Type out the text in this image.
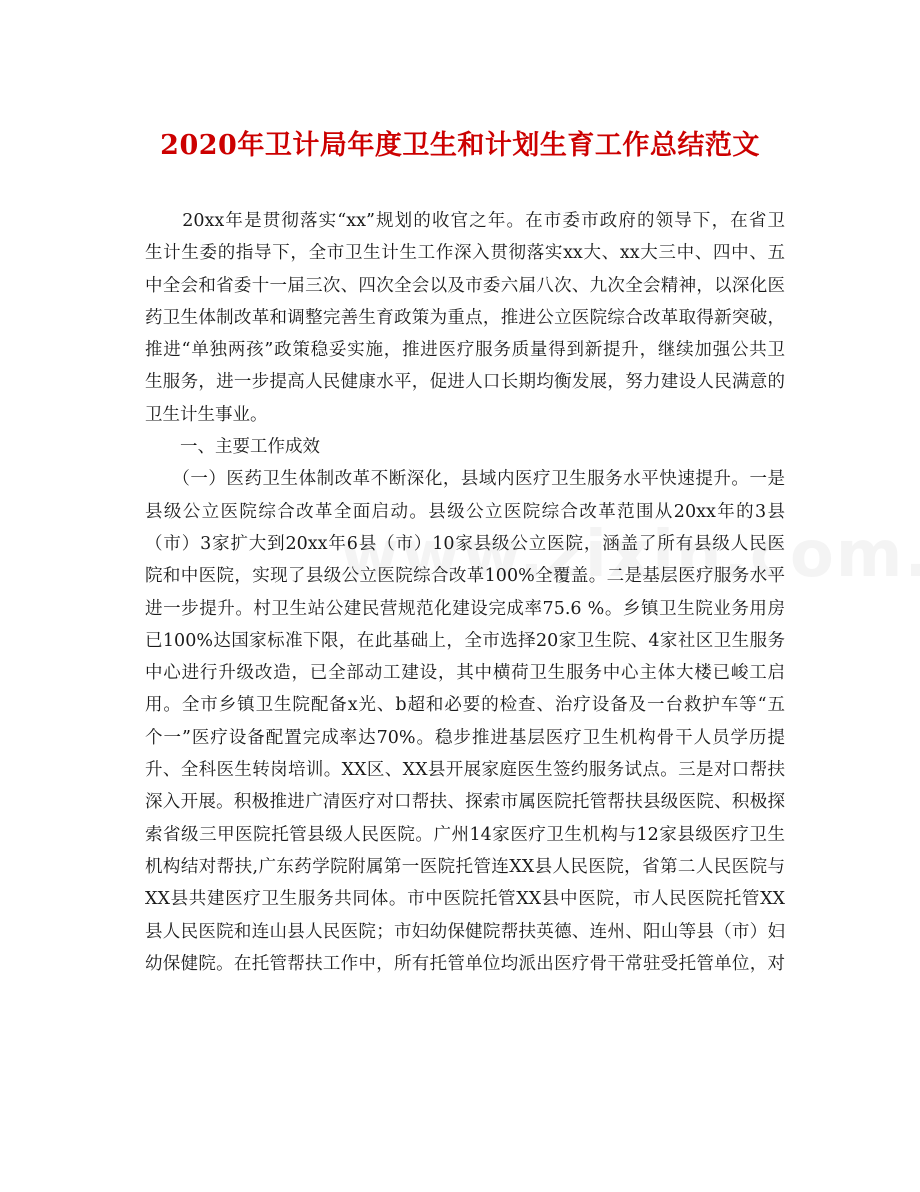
2020年卫计局年度卫生和计划生育工作总结范文
　　20xx年是贯彻落实“xx”规划的收官之年。在市委市政府的领导下，在省卫
生计生委的指导下，全市卫生计生工作深入贯彻落实xx大、xx大三中、四中、五
中全会和省委十一届三次、四次全会以及市委六届八次、九次全会精神，以深化医
药卫生体制改革和调整完善生育政策为重点，推进公立医院综合改革取得新突破，
推进“单独两孩”政策稳妥实施，推进医疗服务质量得到新提升，继续加强公共卫
生服务，进一步提高人民健康水平，促进人口长期均衡发展，努力建设人民满意的
卫生计生事业。
　　一、主要工作成效
　　（一）医药卫生体制改革不断深化，县域内医疗卫生服务水平快速提升。一是
县级公立医院综合改革全面启动。县级公立医院综合改革范围从20xx年的3县
（市）3家扩大到20xx年6县（市）10家县级公立医院，涵盖了所有县级人民医
院和中医院，实现了县级公立医院综合改革100%全覆盖。二是基层医疗服务水平
进一步提升。村卫生站公建民营规范化建设完成率75.6 %。乡镇卫生院业务用房
已100%达国家标准下限，在此基础上，全市选择20家卫生院、4家社区卫生服务
中心进行升级改造，已全部动工建设，其中横荷卫生服务中心主体大楼已峻工启
用。全市乡镇卫生院配备x光、b超和必要的检查、治疗设备及一台救护车等“五
个一”医疗设备配置完成率达70%。稳步推进基层医疗卫生机构骨干人员学历提
升、全科医生转岗培训。XX区、XX县开展家庭医生签约服务试点。三是对口帮扶
深入开展。积极推进广清医疗对口帮扶、探索市属医院托管帮扶县级医院、积极探
索省级三甲医院托管县级人民医院。广州14家医疗卫生机构与12家县级医疗卫生
机构结对帮扶,广东药学院附属第一医院托管连XX县人民医院，省第二人民医院与
XX县共建医疗卫生服务共同体。市中医院托管XX县中医院，市人民医院托管XX
县人民医院和连山县人民医院；市妇幼保健院帮扶英德、连州、阳山等县（市）妇
幼保健院。在托管帮扶工作中，所有托管单位均派出医疗骨干常驻受托管单位，对
